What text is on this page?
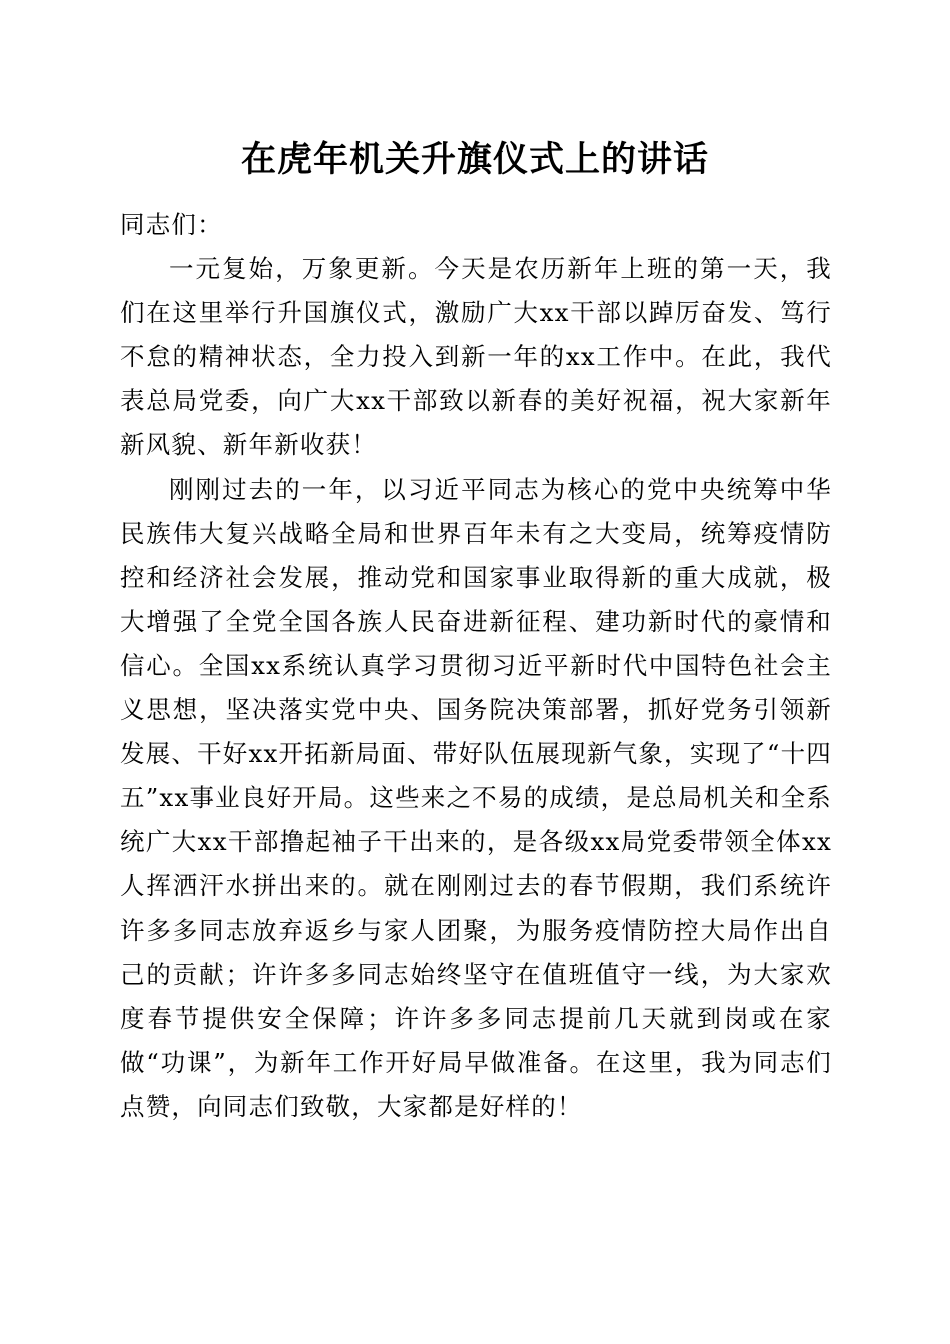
在虎年机关升旗仪式上的讲话

同志们：

一元复始，万象更新。今天是农历新年上班的第一天，我们在这里举行升国旗仪式，激励广大xx干部以踔厉奋发、笃行不怠的精神状态，全力投入到新一年的xx工作中。在此，我代表总局党委，向广大xx干部致以新春的美好祝福，祝大家新年新风貌、新年新收获！

刚刚过去的一年，以习近平同志为核心的党中央统筹中华民族伟大复兴战略全局和世界百年未有之大变局，统筹疫情防控和经济社会发展，推动党和国家事业取得新的重大成就，极大增强了全党全国各族人民奋进新征程、建功新时代的豪情和信心。全国xx系统认真学习贯彻习近平新时代中国特色社会主义思想，坚决落实党中央、国务院决策部署，抓好党务引领新发展、干好xx开拓新局面、带好队伍展现新气象，实现了“十四五”xx事业良好开局。这些来之不易的成绩，是总局机关和全系统广大xx干部撸起袖子干出来的，是各级xx局党委带领全体xx人挥洒汗水拼出来的。就在刚刚过去的春节假期，我们系统许许多多同志放弃返乡与家人团聚，为服务疫情防控大局作出自己的贡献；许许多多同志始终坚守在值班值守一线，为大家欢度春节提供安全保障；许许多多同志提前几天就到岗或在家做“功课”，为新年工作开好局早做准备。在这里，我为同志们点赞，向同志们致敬，大家都是好样的！
